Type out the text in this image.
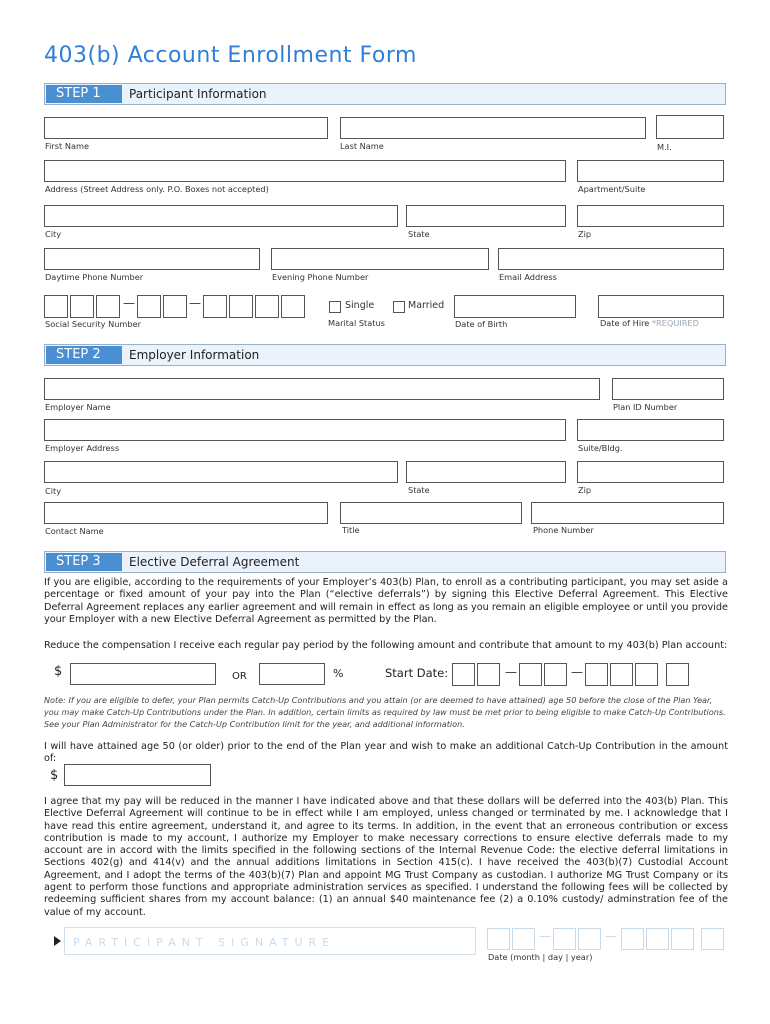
403(b) Account Enrollment Form
STEP 1	Participant Information
First Name	Last Name	M.I.
Address (Street Address only. P.O. Boxes not accepted)	Apartment/Suite
City	State	Zip
Daytime Phone Number	Evening Phone Number	Email Address
—	—
Social Security Number
Single	Married
Marital Status	Date of Birth	Date of Hire *REQUIRED
STEP 2	Employer Information
Employer Name	Plan ID Number
Employer Address	Suite/Bldg.
City	State	Zip
Contact Name	Title	Phone Number
STEP 3	Elective Deferral Agreement
If you are eligible, according to the requirements of your Employer’s 403(b) Plan, to enroll as a contributing participant, you may set aside a percentage or fixed amount of your pay into the Plan (“elective deferrals”) by signing this Elective Deferral Agreement. This Elective Deferral Agreement replaces any earlier agreement and will remain in effect as long as you remain an eligible employee or until you provide your Employer with a new Elective Deferral Agreement as permitted by the Plan.
Reduce the compensation I receive each regular pay period by the following amount and contribute that amount to my 403(b) Plan account:
$	OR	%	Start Date:	—	—
Note: If you are eligible to defer, your Plan permits Catch-Up Contributions and you attain (or are deemed to have attained) age 50 before the close of the Plan Year, you may make Catch-Up Contributions under the Plan. In addition, certain limits as required by law must be met prior to being eligible to make Catch-Up Contributions. See your Plan Administrator for the Catch-Up Contribution limit for the year, and additional information.
I will have attained age 50 (or older) prior to the end of the Plan year and wish to make an additional Catch-Up Contribution in the amount of:
$
I agree that my pay will be reduced in the manner I have indicated above and that these dollars will be deferred into the 403(b) Plan. This Elective Deferral Agreement will continue to be in effect while I am employed, unless changed or terminated by me. I acknowledge that I have read this entire agreement, understand it, and agree to its terms. In addition, in the event that an erroneous contribution or excess contribution is made to my account, I authorize my Employer to make necessary corrections to ensure elective deferrals made to my account are in accord with the limits specified in the following sections of the Internal Revenue Code: the elective deferral limitations in Sections 402(g) and 414(v) and the annual additions limitations in Section 415(c). I have received the 403(b)(7) Custodial Account Agreement, and I adopt the terms of the 403(b)(7) Plan and appoint MG Trust Company as custodian. I authorize MG Trust Company or its agent to perform those functions and appropriate administration services as specified. I understand the following fees will be collected by redeeming sufficient shares from my account balance: (1) an annual $40 maintenance fee (2) a 0.10% custody/ adminstration fee of the value of my account.
PARTICIPANT SIGNATURE	—	—
Date (month | day | year)
